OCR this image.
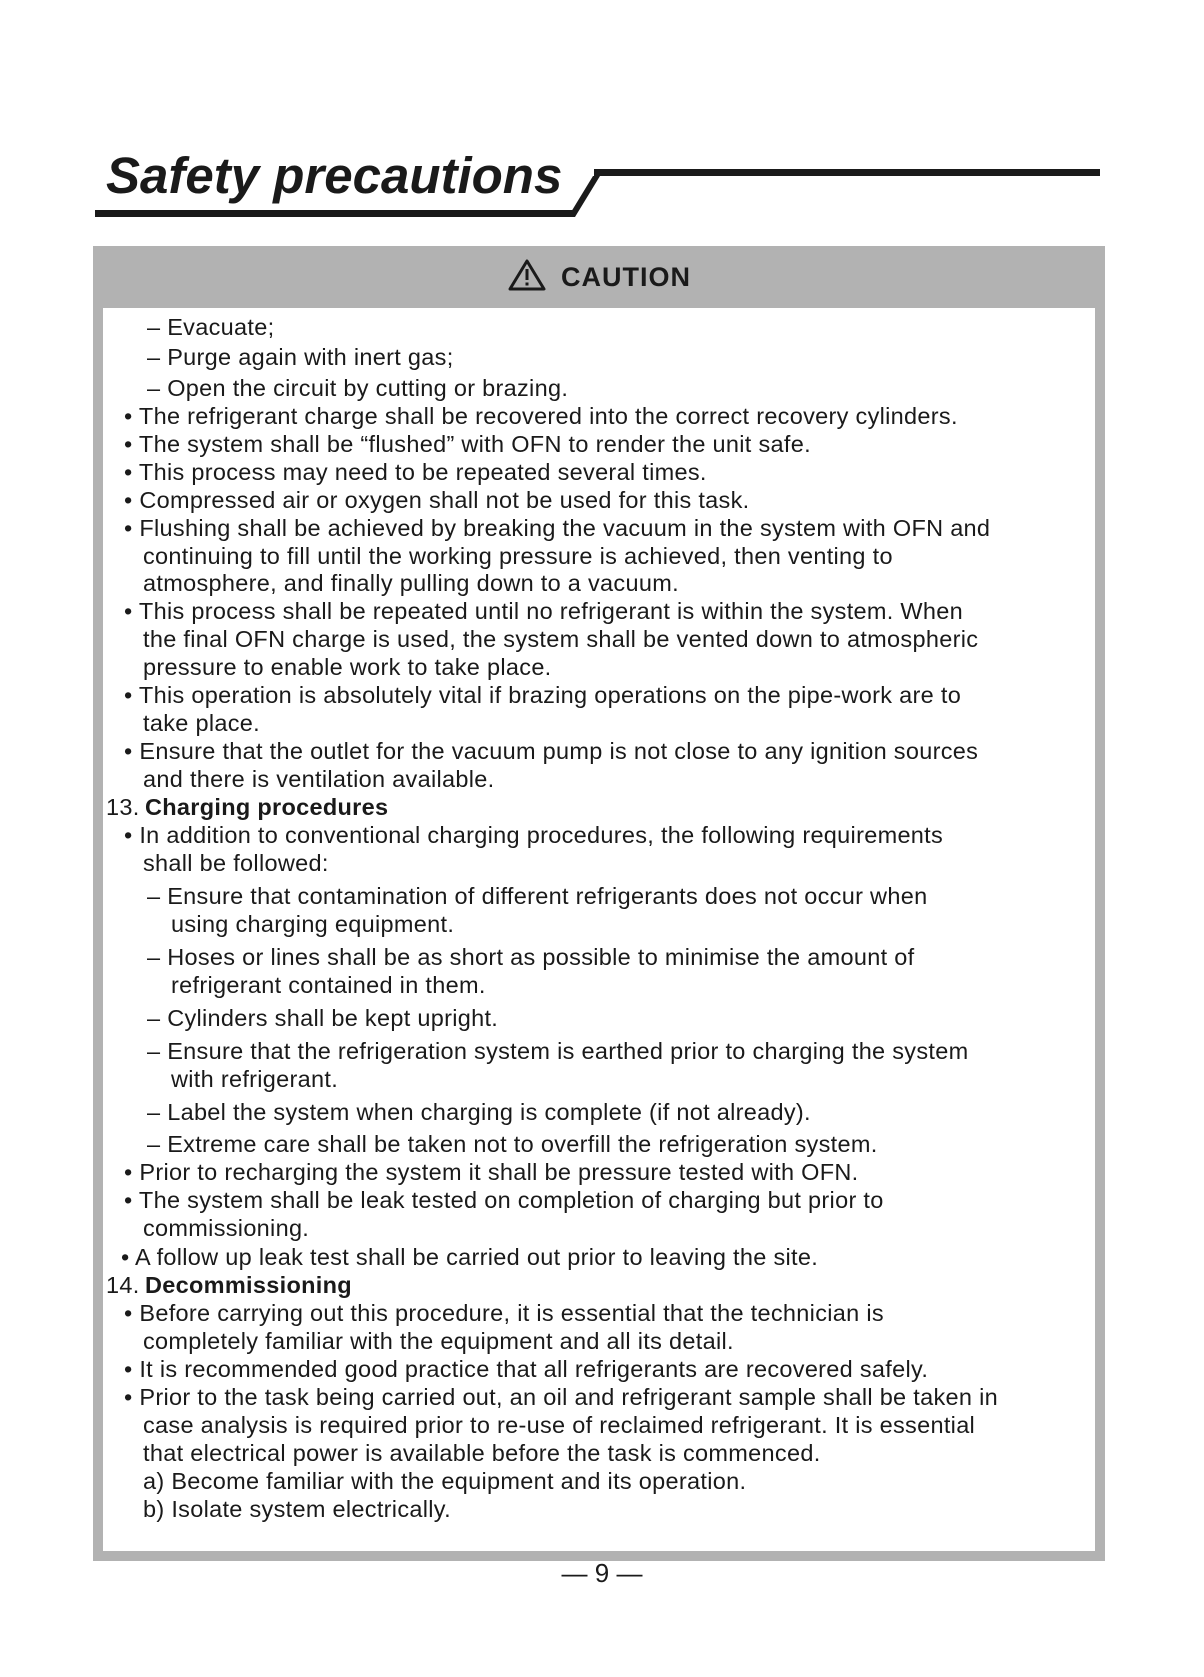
Safety precautions
CAUTION
– Evacuate;
– Purge again with inert gas;
– Open the circuit by cutting or brazing.
• The refrigerant charge shall be recovered into the correct recovery cylinders.
• The system shall be “flushed” with OFN to render the unit safe.
• This process may need to be repeated several times.
• Compressed air or oxygen shall not be used for this task.
• Flushing shall be achieved by breaking the vacuum in the system with OFN and
continuing to fill until the working pressure is achieved, then venting to
atmosphere, and finally pulling down to a vacuum.
• This process shall be repeated until no refrigerant is within the system. When
the final OFN charge is used, the system shall be vented down to atmospheric
pressure to enable work to take place.
• This operation is absolutely vital if brazing operations on the pipe-work are to
take place.
• Ensure that the outlet for the vacuum pump is not close to any ignition sources
and there is ventilation available.
13. Charging procedures
• In addition to conventional charging procedures, the following requirements
shall be followed:
– Ensure that contamination of different refrigerants does not occur when
using charging equipment.
– Hoses or lines shall be as short as possible to minimise the amount of
refrigerant contained in them.
– Cylinders shall be kept upright.
– Ensure that the refrigeration system is earthed prior to charging the system
with refrigerant.
– Label the system when charging is complete (if not already).
– Extreme care shall be taken not to overfill the refrigeration system.
• Prior to recharging the system it shall be pressure tested with OFN.
• The system shall be leak tested on completion of charging but prior to
commissioning.
• A follow up leak test shall be carried out prior to leaving the site.
14. Decommissioning
• Before carrying out this procedure, it is essential that the technician is
completely familiar with the equipment and all its detail.
• It is recommended good practice that all refrigerants are recovered safely.
• Prior to the task being carried out, an oil and refrigerant sample shall be taken in
case analysis is required prior to re-use of reclaimed refrigerant. It is essential
that electrical power is available before the task is commenced.
a) Become familiar with the equipment and its operation.
b) Isolate system electrically.
— 9 —
